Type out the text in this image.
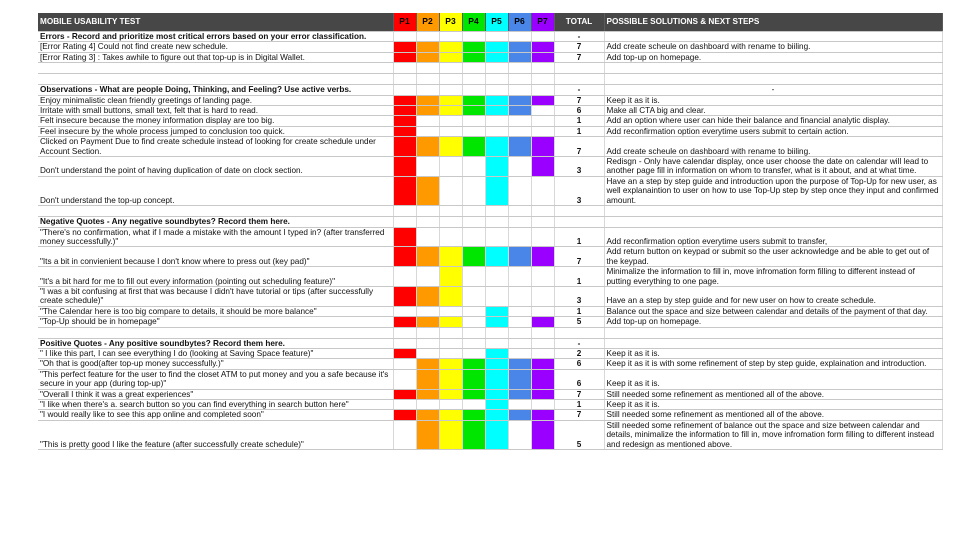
MOBILE USABILITY TEST	P1	P2	P3	P4	P5	P6	P7	TOTAL	POSSIBLE SOLUTIONS & NEXT STEPS
Errors - Record and prioritize most critical errors based on your error classification.								-	
[Error Rating 4] Could not find create new schedule.								7	Add create scheule on dashboard with rename to biiling.
[Error Rating 3] : Takes awhile to figure out that top-up is in Digital Wallet.								7	Add top-up on homepage.

Observations - What are people Doing, Thinking, and Feeling? Use active verbs.								-	-
Enjoy minimalistic clean friendly greetings of landing page.								7	Keep it as it is.
Irritate with small buttons, small text, felt that is hard to read.								6	Make all CTA big and clear.
Felt insecure because the money information display are too big.								1	Add an option where user can hide their balance and financial analytic display.
Feel insecure by the whole process jumped to conclusion too quick.								1	Add reconfirmation option everytime users submit to certain action.
Clicked on Payment Due to find create schedule instead of looking for create schedule under Account Section.								7	Add create scheule on dashboard with rename to biiling.
Don't understand the point of having duplication of date on clock section.								3	Redisgn - Only have calendar display, once user choose the date on calendar will lead to another page fill in information on whom to transfer, what is it about, and at what time.
Don't understand the top-up concept.								3	Have an a step by step guide and introduction upon the purpose of Top-Up for new user, as well explanaintion to user on how to use Top-Up step by step once they input and confirmed amount.

Negative Quotes - Any negative soundbytes? Record them here.									
"There's no confirmation, what if I made a mistake with the amount I typed in? (after transferred money successfully.)"								1	Add reconfirmation option everytime users submit to transfer,
"Its a bit in convienient because I don't know where to press out (key pad)"								7	Add return button on keypad or submit so the user acknowledge and be able to get out of the keypad.
"It's a bit hard for me to fill out every information (pointing out scheduling feature)"								1	Minimalize the information to fill in, move infromation form filling to different instead of putting everything to one page.
"I was a bit confusing at first that was because I didn't have tutorial or tips (after successfully create schedule)"								3	Have an a step by step guide and for new user on how to create schedule.
"The Calendar here is too big compare to details, it should be more balance"								1	Balance out the space and size between calendar and details of the payment of that day.
"Top-Up should be in homepage"								5	Add top-up on homepage.

Positive Quotes - Any positive soundbytes? Record them here.								-	
" I like this part, I can see everything I do (looking at Saving Space feature)"								2	Keep it as it is.
"Oh that is good(after top-up money successfully.)"								6	Keep it as it is with some refinement of step by step guide, explaination and introduction.
"This perfect feature for the user to find the closet ATM to put money and you a safe because it's secure in your app (during top-up)"								6	Keep it as it is.
"Overall I think it was a great experiences"								7	Still needed some refinement as mentioned all of the above.
"I like when there's a. search button so you can find everything in search button here"								1	Keep it as it is.
"I would really like to see this app online and completed soon"								7	Still needed some refinement as mentioned all of the above.
"This is pretty good I like the feature (after successfully create schedule)"								5	Still needed some refinement of balance out the space and size between calendar and details, minimalize the information to fill in, move infromation form filling to different instead and redesign as mentioned above.
